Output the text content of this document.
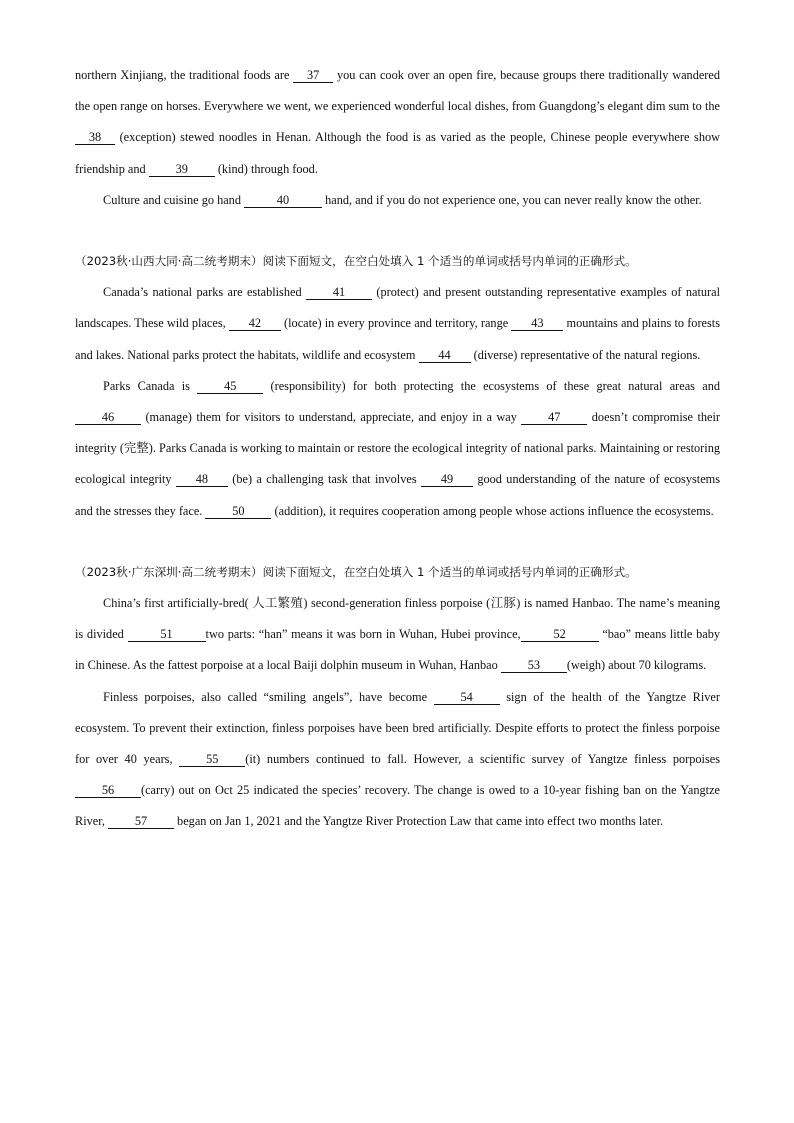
northern Xinjiang, the traditional foods are 37 you can cook over an open fire, because groups there traditionally wandered the open range on horses. Everywhere we went, we experienced wonderful local dishes, from Guangdong’s elegant dim sum to the 38 (exception) stewed noodles in Henan. Although the food is as varied as the people, Chinese people everywhere show friendship and 39 (kind) through food.

Culture and cuisine go hand	40	hand, and if you do not experience one, you can never really know the other.

（2023秋·山西大同·高二统考期末）阅读下面短文，在空白处填入 1 个适当的单词或括号内单词的正确形式。

Canada’s national parks are established 41 (protect) and present outstanding representative examples of natural landscapes. These wild places, 42 (locate) in every province and territory, range 43 mountains and plains to forests and lakes. National parks protect the habitats, wildlife and ecosystem 44 (diverse) representative of the natural regions.

Parks Canada is 45 (responsibility) for both protecting the ecosystems of these great natural areas and 46 (manage) them for visitors to understand, appreciate, and enjoy in a way 47 doesn’t compromise their integrity (完整). Parks Canada is working to maintain or restore the ecological integrity of national parks. Maintaining or restoring ecological integrity 48 (be) a challenging task that involves 49 good understanding of the nature of ecosystems and the stresses they face. 50 (addition), it requires cooperation among people whose actions influence the ecosystems.

（2023秋·广东深圳·高二统考期末）阅读下面短文，在空白处填入 1 个适当的单词或括号内单词的正确形式。

China’s first artificially-bred( 人工繁殖) second-generation finless porpoise (江豚) is named Hanbao. The name’s meaning is divided	51	two parts: “han” means it was born in Wuhan, Hubei province,	52	“bao” means little baby in Chinese. As the fattest porpoise at a local Baiji dolphin museum in Wuhan, Hanbao 53 (weigh) about 70 kilograms.

Finless porpoises, also called “smiling angels”, have become 54 sign of the health of the Yangtze River ecosystem. To prevent their extinction, finless porpoises have been bred artificially. Despite efforts to protect the finless porpoise for over 40 years, 55 (it) numbers continued to fall. However, a scientific survey of Yangtze finless porpoises 56 (carry) out on Oct 25 indicated the species’ recovery. The change is owed to a 10-year fishing ban on the Yangtze River, 57 began on Jan 1, 2021 and the Yangtze River Protection Law that came into effect two months later.
